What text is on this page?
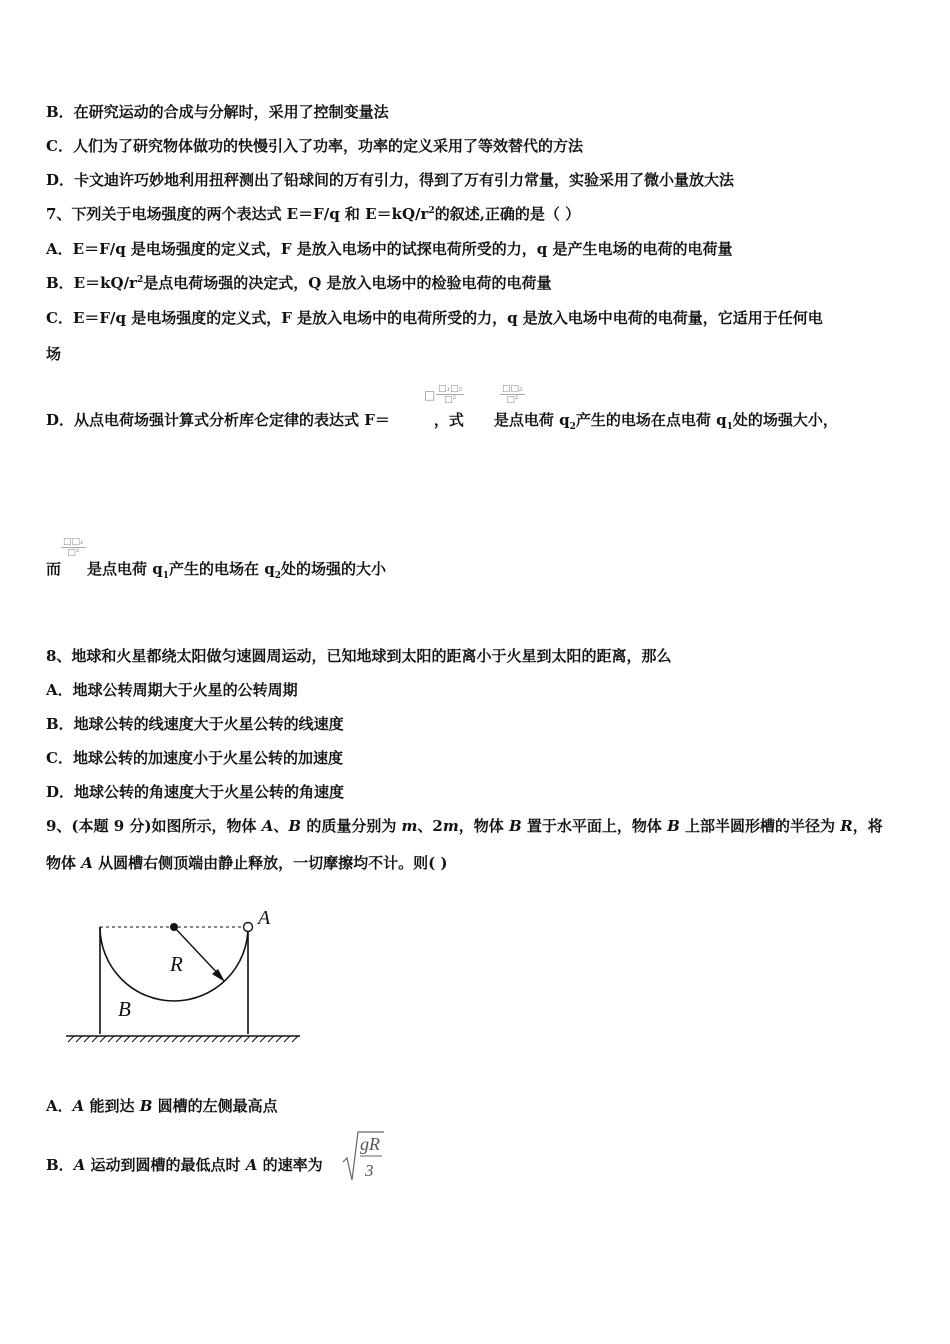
B．在研究运动的合成与分解时，采用了控制变量法
C．人们为了研究物体做功的快慢引入了功率，功率的定义采用了等效替代的方法
D．卡文迪许巧妙地利用扭秤测出了铅球间的万有引力，得到了万有引力常量，实验采用了微小量放大法
7、下列关于电场强度的两个表达式 E＝F/q 和 $E=kQ/r^2$的叙述,正确的是（ ）
A．E＝F/q 是电场强度的定义式，F 是放入电场中的试探电荷所受的力，q 是产生电场的电荷的电荷量
B．$E=kQ/r^2$是点电荷场强的决定式，Q 是放入电场中的检验电荷的电荷量
C．E＝F/q 是电场强度的定义式，F 是放入电场中的电荷所受的力，q 是放入电场中电荷的电荷量，它适用于任何电
场
D．从点电荷场强计算式分析库仑定律的表达式 F＝	，式 是点电荷 $q_2$产生的电场在点电荷 $q_1$处的场强大小，
□ □₁□₂
□²
□□₂
□²
而 是点电荷 $q_1$产生的电场在 $q_2$处的场强的大小
□□₁
□²
8、地球和火星都绕太阳做匀速圆周运动，已知地球到太阳的距离小于火星到太阳的距离，那么
A．地球公转周期大于火星的公转周期
B．地球公转的线速度大于火星公转的线速度
C．地球公转的加速度小于火星公转的加速度
D．地球公转的角速度大于火星公转的角速度
9、(本题 9 分)如图所示，物体 A、B 的质量分别为 m、2m，物体 B 置于水平面上，物体 B 上部半圆形槽的半径为 R，将
物体 A 从圆槽右侧顶端由静止释放，一切摩擦均不计。则( )
A
R
B
A．A 能到达 B 圆槽的左侧最高点
B．A 运动到圆槽的最低点时 A 的速率为
gR
3
